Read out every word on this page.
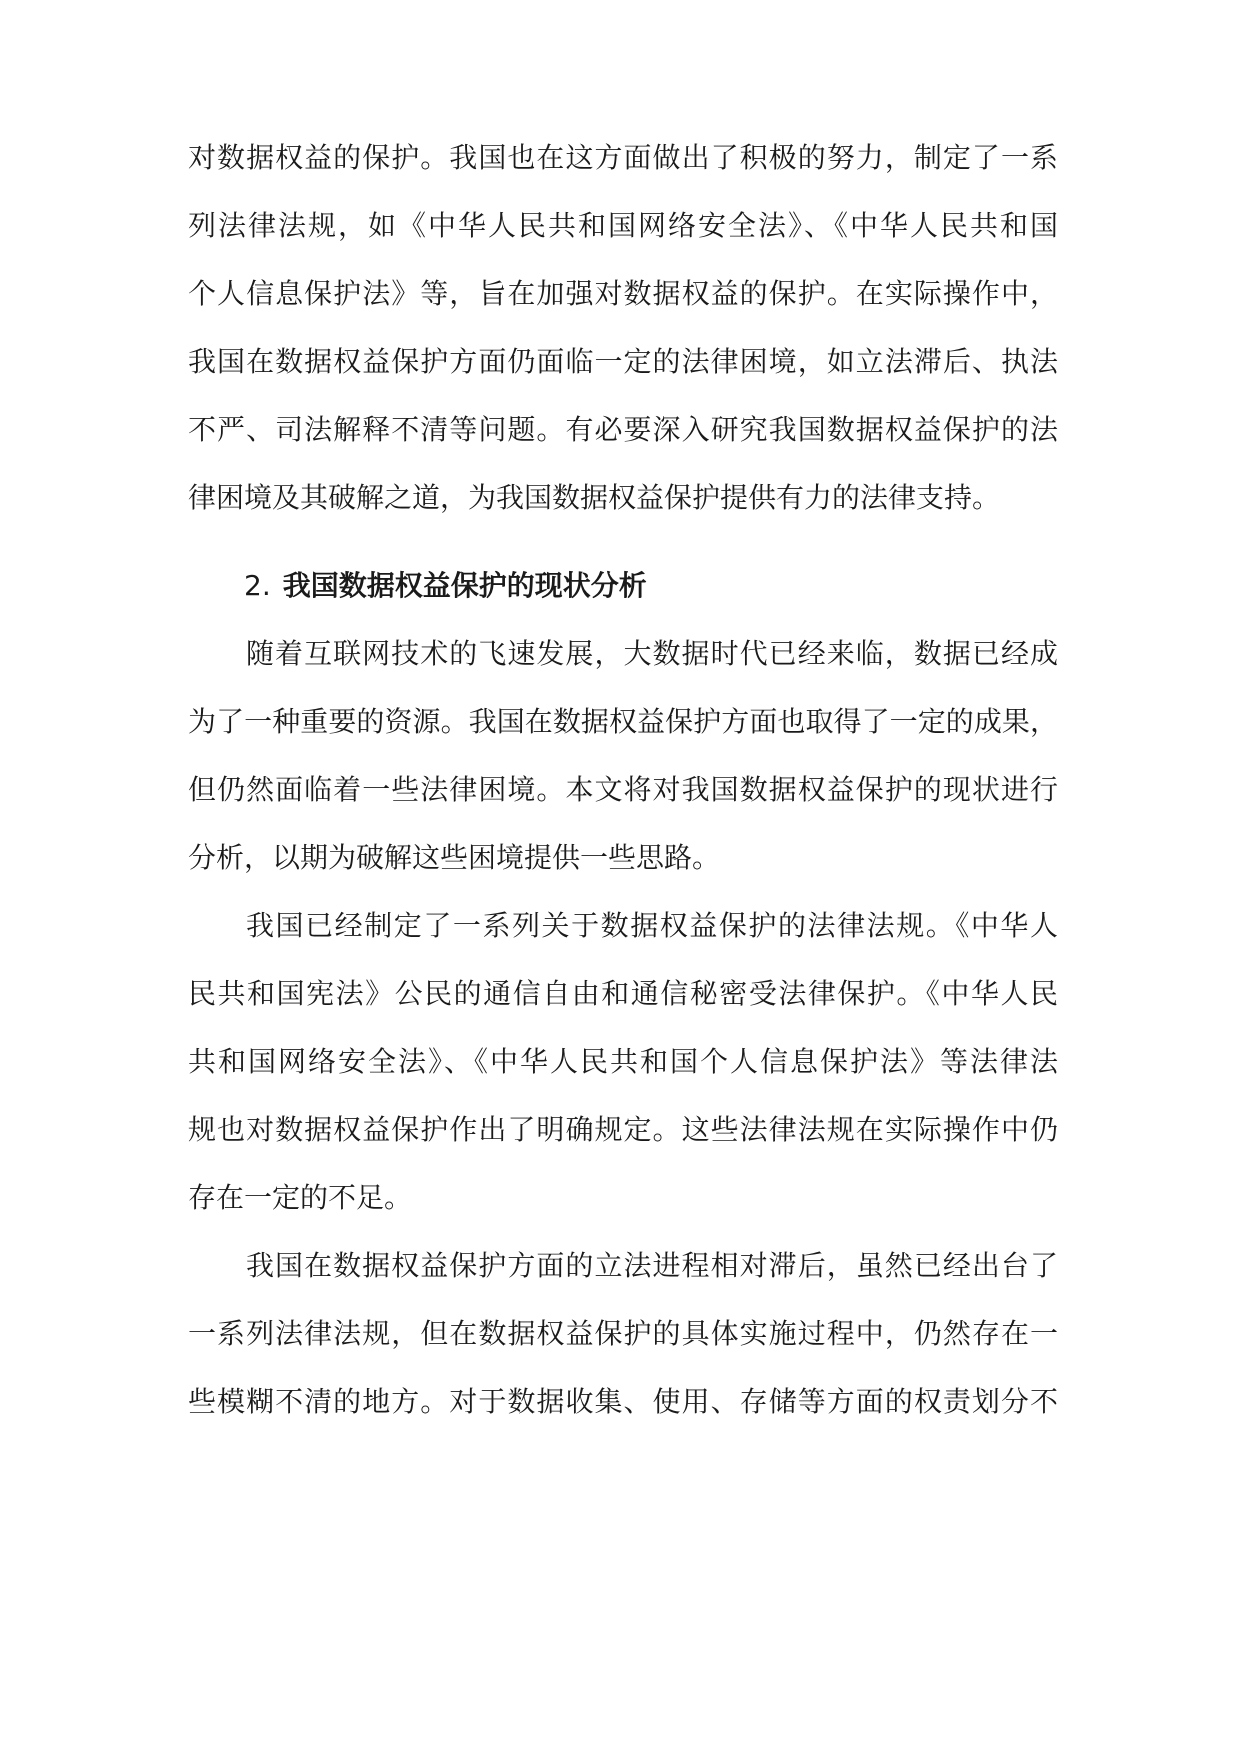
对数据权益的保护。我国也在这方面做出了积极的努力，制定了一系
列法律法规，如《中华人民共和国网络安全法》、《中华人民共和国
个人信息保护法》等，旨在加强对数据权益的保护。在实际操作中，
我国在数据权益保护方面仍面临一定的法律困境，如立法滞后、执法
不严、司法解释不清等问题。有必要深入研究我国数据权益保护的法
律困境及其破解之道，为我国数据权益保护提供有力的法律支持。
2. 我国数据权益保护的现状分析
随着互联网技术的飞速发展，大数据时代已经来临，数据已经成
为了一种重要的资源。我国在数据权益保护方面也取得了一定的成果，
但仍然面临着一些法律困境。本文将对我国数据权益保护的现状进行
分析，以期为破解这些困境提供一些思路。
我国已经制定了一系列关于数据权益保护的法律法规。《中华人
民共和国宪法》公民的通信自由和通信秘密受法律保护。《中华人民
共和国网络安全法》、《中华人民共和国个人信息保护法》等法律法
规也对数据权益保护作出了明确规定。这些法律法规在实际操作中仍
存在一定的不足。
我国在数据权益保护方面的立法进程相对滞后，虽然已经出台了
一系列法律法规，但在数据权益保护的具体实施过程中，仍然存在一
些模糊不清的地方。对于数据收集、使用、存储等方面的权责划分不
